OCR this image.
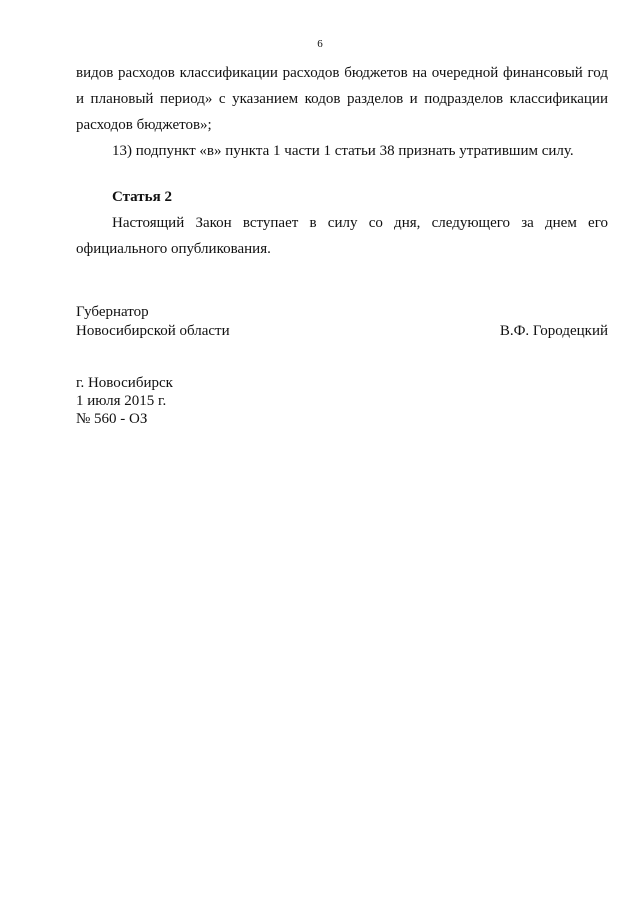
6

видов расходов классификации расходов бюджетов на очередной финансовый год и плановый период» с указанием кодов разделов и подразделов классификации расходов бюджетов»;

13) подпункт «в» пункта 1 части 1 статьи 38 признать утратившим силу.

Статья 2

Настоящий Закон вступает в силу со дня, следующего за днем его официального опубликования.

Губернатор
Новосибирской области	В.Ф. Городецкий
г. Новосибирск
1 июля 2015 г.
№ 560 - ОЗ
